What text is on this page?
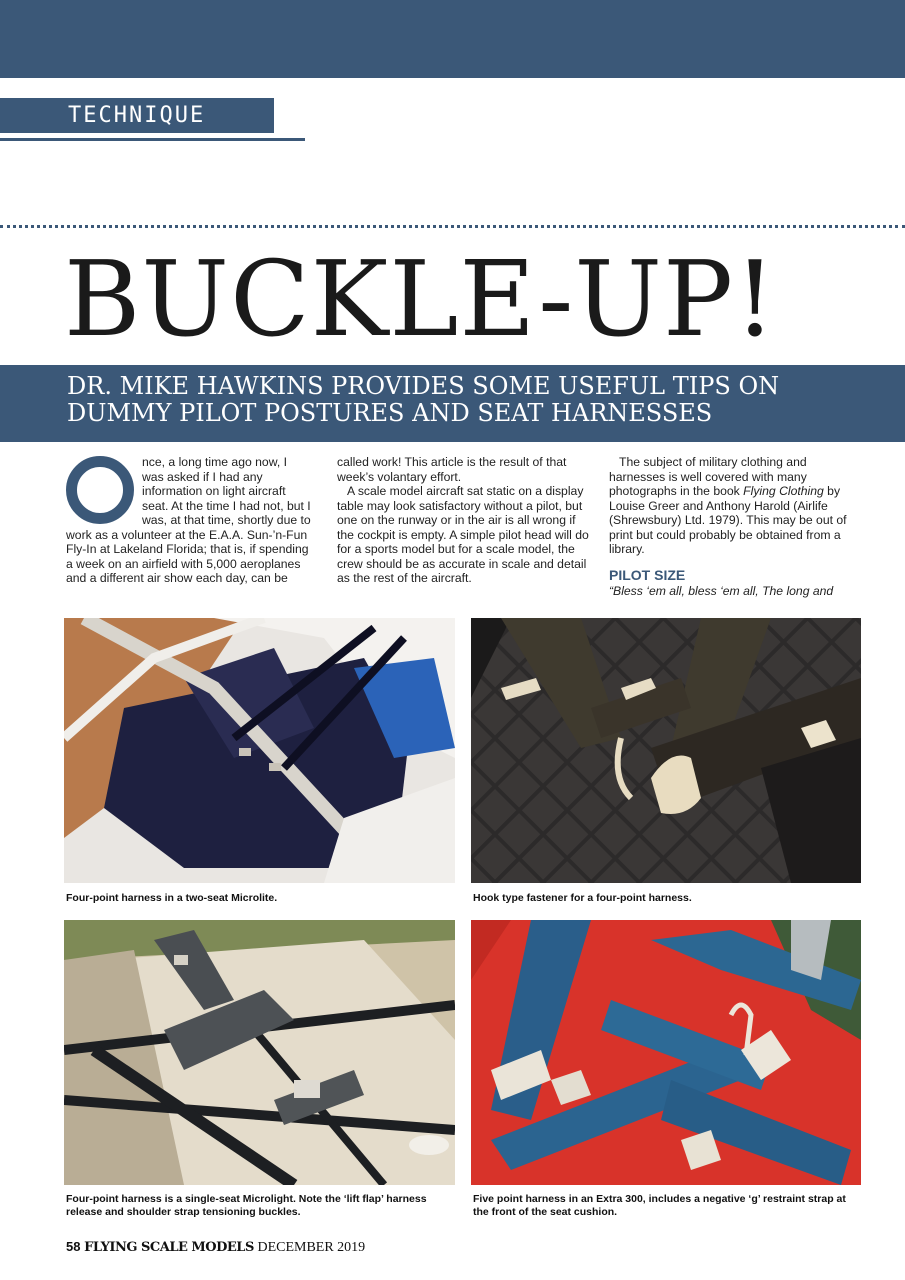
TECHNIQUE
BUCKLE-UP!
DR. MIKE HAWKINS PROVIDES SOME USEFUL TIPS ON
DUMMY PILOT POSTURES AND SEAT HARNESSES

nce, a long time ago now, I was asked if I had any information on light aircraft seat. At the time I had not, but I was, at that time, shortly due to work as a volunteer at the E.A.A. Sun-’n-Fun Fly-In at Lakeland Florida; that is, if spending a week on an airfield with 5,000 aeroplanes and a different air show each day, can be

called work! This article is the result of that week’s volantary effort.

A scale model aircraft sat static on a display table may look satisfactory without a pilot, but one on the runway or in the air is all wrong if the cockpit is empty. A simple pilot head will do for a sports model but for a scale model, the crew should be as accurate in scale and detail as the rest of the aircraft.

The subject of military clothing and harnesses is well covered with many photographs in the book Flying Clothing by Louise Greer and Anthony Harold (Airlife (Shrewsbury) Ltd. 1979). This may be out of print but could probably be obtained from a library.

PILOT SIZE

“Bless ‘em all, bless ‘em all, The long and

Four-point harness in a two-seat Microlite.	Hook type fastener for a four-point harness.

Four-point harness is a single-seat Microlight. Note the ‘lift flap’ harness release and shoulder strap tensioning buckles.

Five point harness in an Extra 300, includes a negative ‘g’ restraint strap at the front of the seat cushion.

58 FLYING SCALE MODELS DECEMBER 2019
